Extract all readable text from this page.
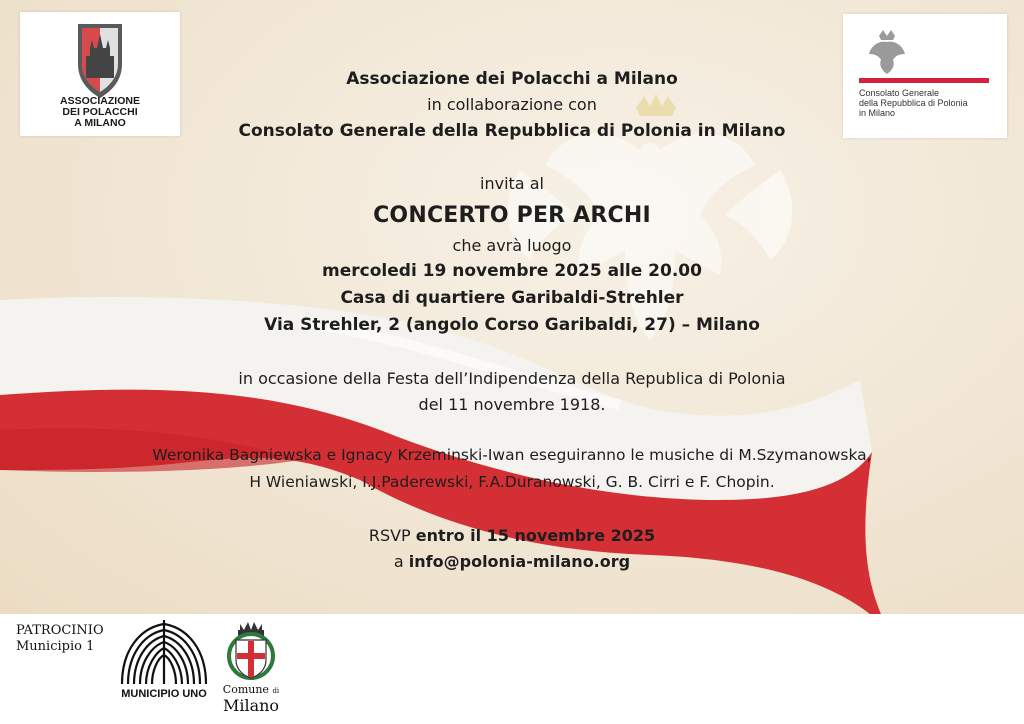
ASSOCIAZIONE
DEI POLACCHI
A MILANO
Consolato Generale
della Repubblica di Polonia
in Milano
Associazione dei Polacchi a Milano
in collaborazione con
Consolato Generale della Repubblica di Polonia in Milano
invita al
CONCERTO PER ARCHI
che avrà luogo
mercoledi 19 novembre 2025 alle 20.00
Casa di quartiere Garibaldi-Strehler
Via Strehler, 2 (angolo Corso Garibaldi, 27) – Milano
in occasione della Festa dell’Indipendenza della Republica di Polonia
del 11 novembre 1918.
Weronika Bagniewska e Ignacy Krzeminski-Iwan eseguiranno le musiche di M.Szymanowska,
H Wieniawski, I.J.Paderewski, F.A.Duranowski, G. B. Cirri e F. Chopin.
RSVP entro il 15 novembre 2025
a info@polonia-milano.org
PATROCINIO
Municipio 1
MUNICIPIO UNO	Comune di
Milano
